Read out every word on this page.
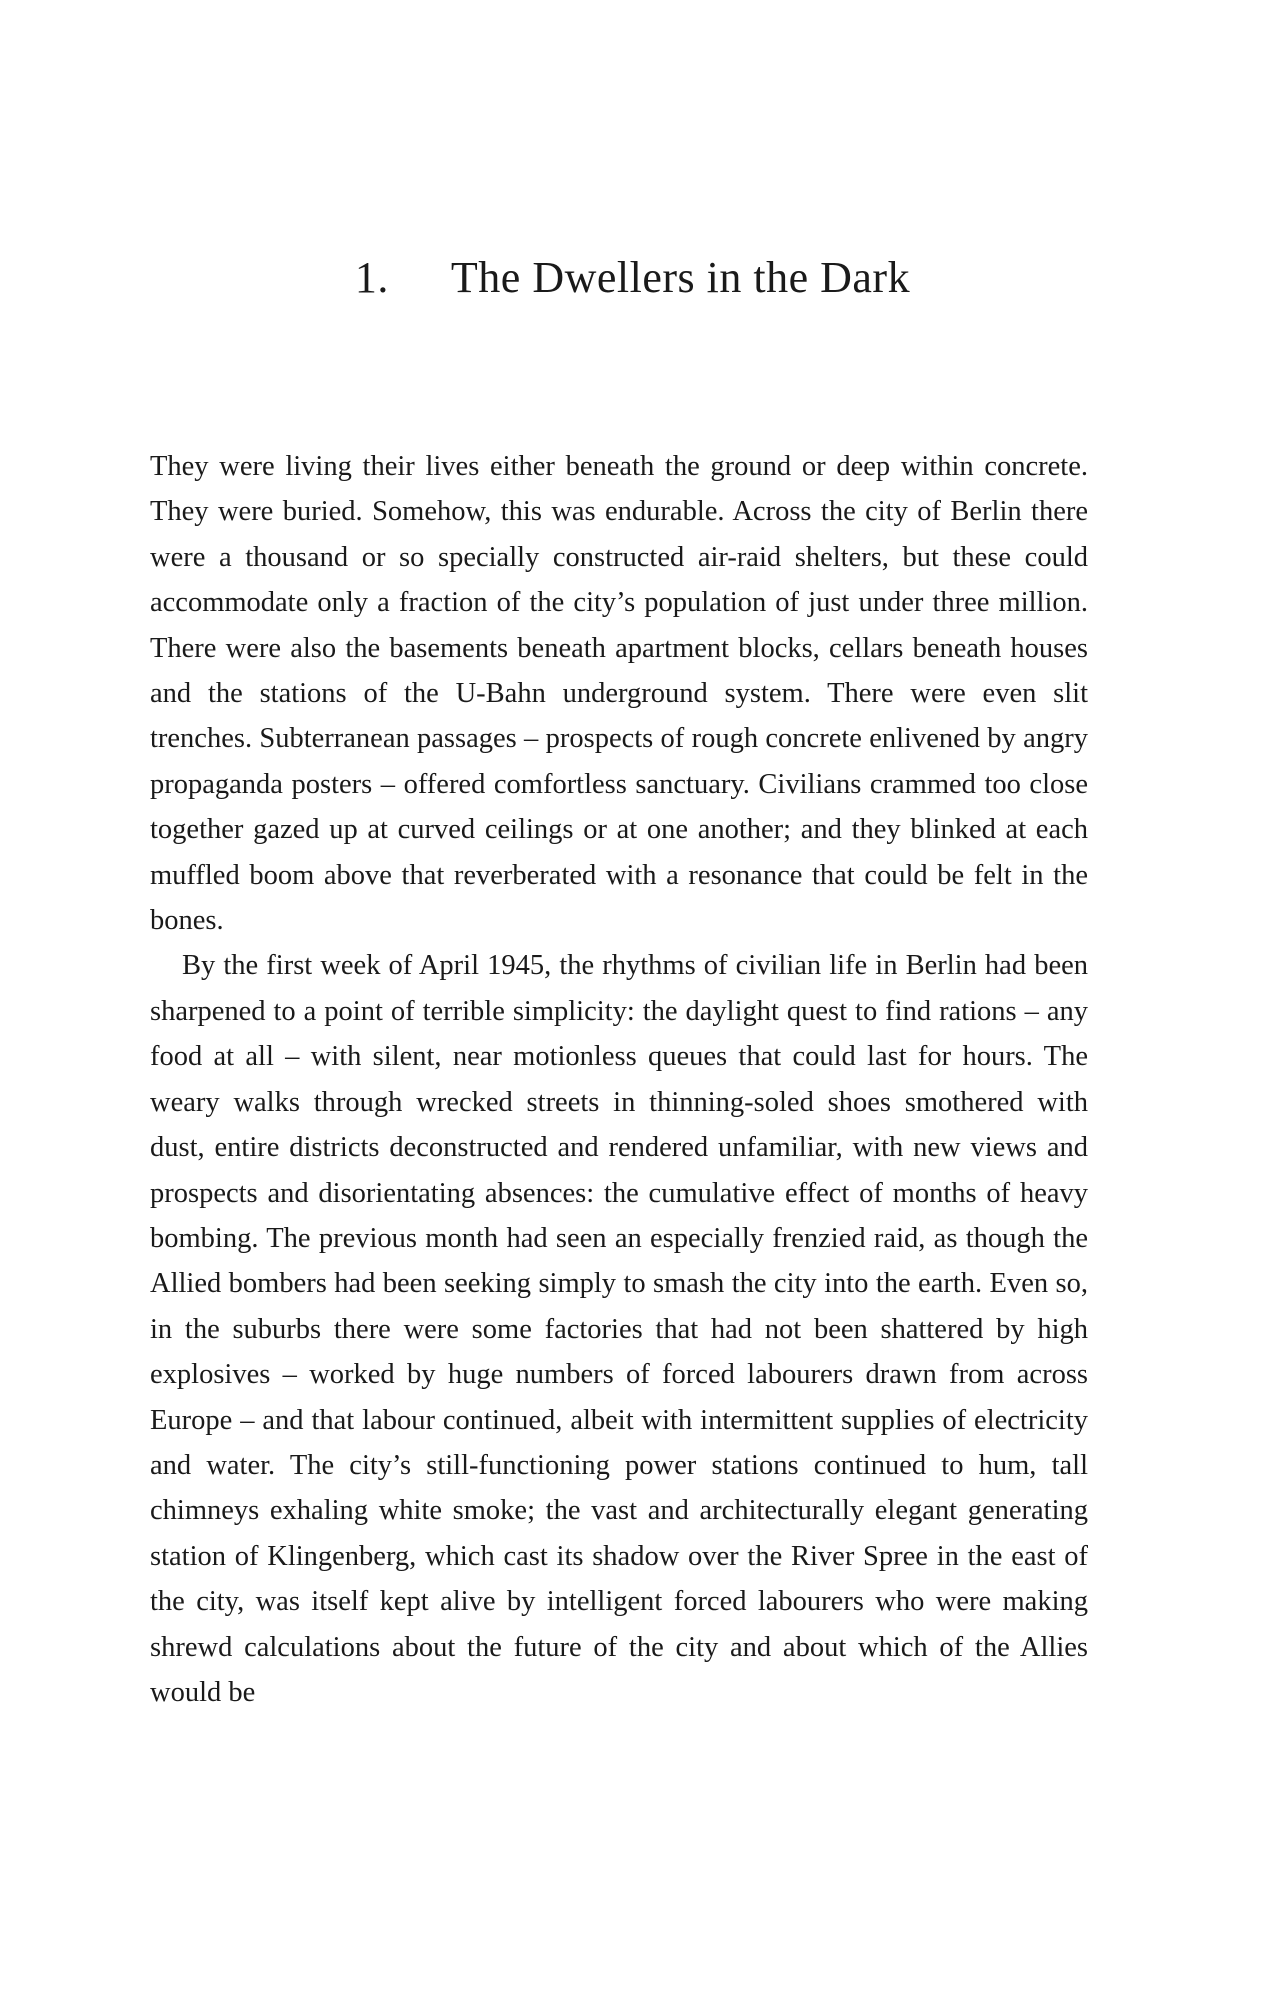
1. The Dwellers in the Dark

They were living their lives either beneath the ground or deep within concrete. They were buried. Somehow, this was endurable. Across the city of Berlin there were a thousand or so specially constructed air-raid shelters, but these could accommodate only a fraction of the city’s population of just under three million. There were also the basements beneath apartment blocks, cellars beneath houses and the stations of the U-Bahn underground system. There were even slit trenches. Subterranean passages – prospects of rough concrete enlivened by angry propaganda posters – offered comfortless sanctuary. Civilians crammed too close together gazed up at curved ceilings or at one another; and they blinked at each muffled boom above that reverberated with a resonance that could be felt in the bones.

By the first week of April 1945, the rhythms of civilian life in Berlin had been sharpened to a point of terrible simplicity: the daylight quest to find rations – any food at all – with silent, near motionless queues that could last for hours. The weary walks through wrecked streets in thinning-soled shoes smothered with dust, entire districts deconstructed and rendered unfamiliar, with new views and prospects and disorientating absences: the cumulative effect of months of heavy bombing. The previous month had seen an especially frenzied raid, as though the Allied bombers had been seeking simply to smash the city into the earth. Even so, in the suburbs there were some factories that had not been shattered by high explosives – worked by huge numbers of forced labourers drawn from across Europe – and that labour continued, albeit with intermittent supplies of electricity and water. The city’s still-functioning power stations continued to hum, tall chimneys exhaling white smoke; the vast and architecturally elegant generating station of Klingenberg, which cast its shadow over the River Spree in the east of the city, was itself kept alive by intelligent forced labourers who were making shrewd calculations about the future of the city and about which of the Allies would be
